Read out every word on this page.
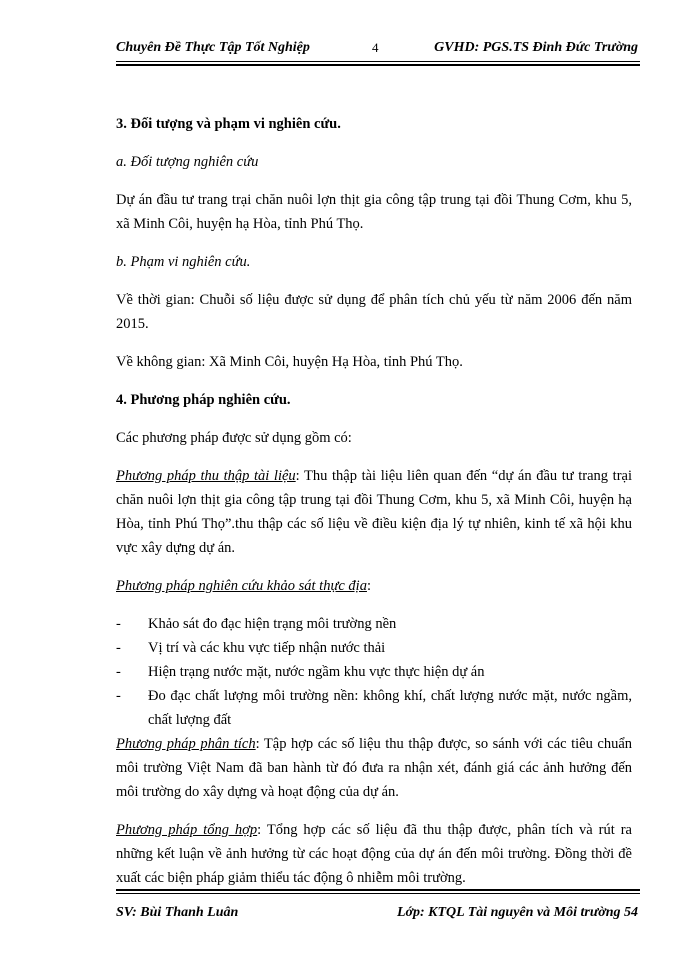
Chuyên Đề Thực Tập Tốt Nghiệp	4	GVHD: PGS.TS Đinh Đức Trường

3. Đối tượng và phạm vi nghiên cứu.

a. Đối tượng nghiên cứu

Dự án đầu tư trang trại chăn nuôi lợn thịt gia công tập trung tại đồi Thung Cơm, khu 5, xã Minh Côi, huyện hạ Hòa, tỉnh Phú Thọ.

b. Phạm vi nghiên cứu.

Về thời gian: Chuỗi số liệu được sử dụng để phân tích chủ yếu từ năm 2006 đến năm 2015.

Về không gian: Xã Minh Côi, huyện Hạ Hòa, tỉnh Phú Thọ.

4. Phương pháp nghiên cứu.

Các phương pháp được sử dụng gồm có:

Phương pháp thu thập tài liệu: Thu thập tài liệu liên quan đến “dự án đầu tư trang trại chăn nuôi lợn thịt gia công tập trung tại đồi Thung Cơm, khu 5, xã Minh Côi, huyện hạ Hòa, tỉnh Phú Thọ”.thu thập các số liệu về điều kiện địa lý tự nhiên, kinh tế xã hội khu vực xây dựng dự án.

Phương pháp nghiên cứu khảo sát thực địa:

- Khảo sát đo đạc hiện trạng môi trường nền
- Vị trí và các khu vực tiếp nhận nước thải
- Hiện trạng nước mặt, nước ngầm khu vực thực hiện dự án
- Đo đạc chất lượng môi trường nền: không khí, chất lượng nước mặt, nước ngầm, chất lượng đất

Phương pháp phân tích: Tập hợp các số liệu thu thập được, so sánh với các tiêu chuẩn môi trường Việt Nam đã ban hành từ đó đưa ra nhận xét, đánh giá các ảnh hưởng đến môi trường do xây dựng và hoạt động của dự án.

Phương pháp tổng hợp: Tổng hợp các số liệu đã thu thập được, phân tích và rút ra những kết luận về ảnh hưởng từ các hoạt động của dự án đến môi trường. Đồng thời đề xuất các biện pháp giảm thiểu tác động ô nhiễm môi trường.

SV: Bùi Thanh Luân	Lớp: KTQL Tài nguyên và Môi trường 54
